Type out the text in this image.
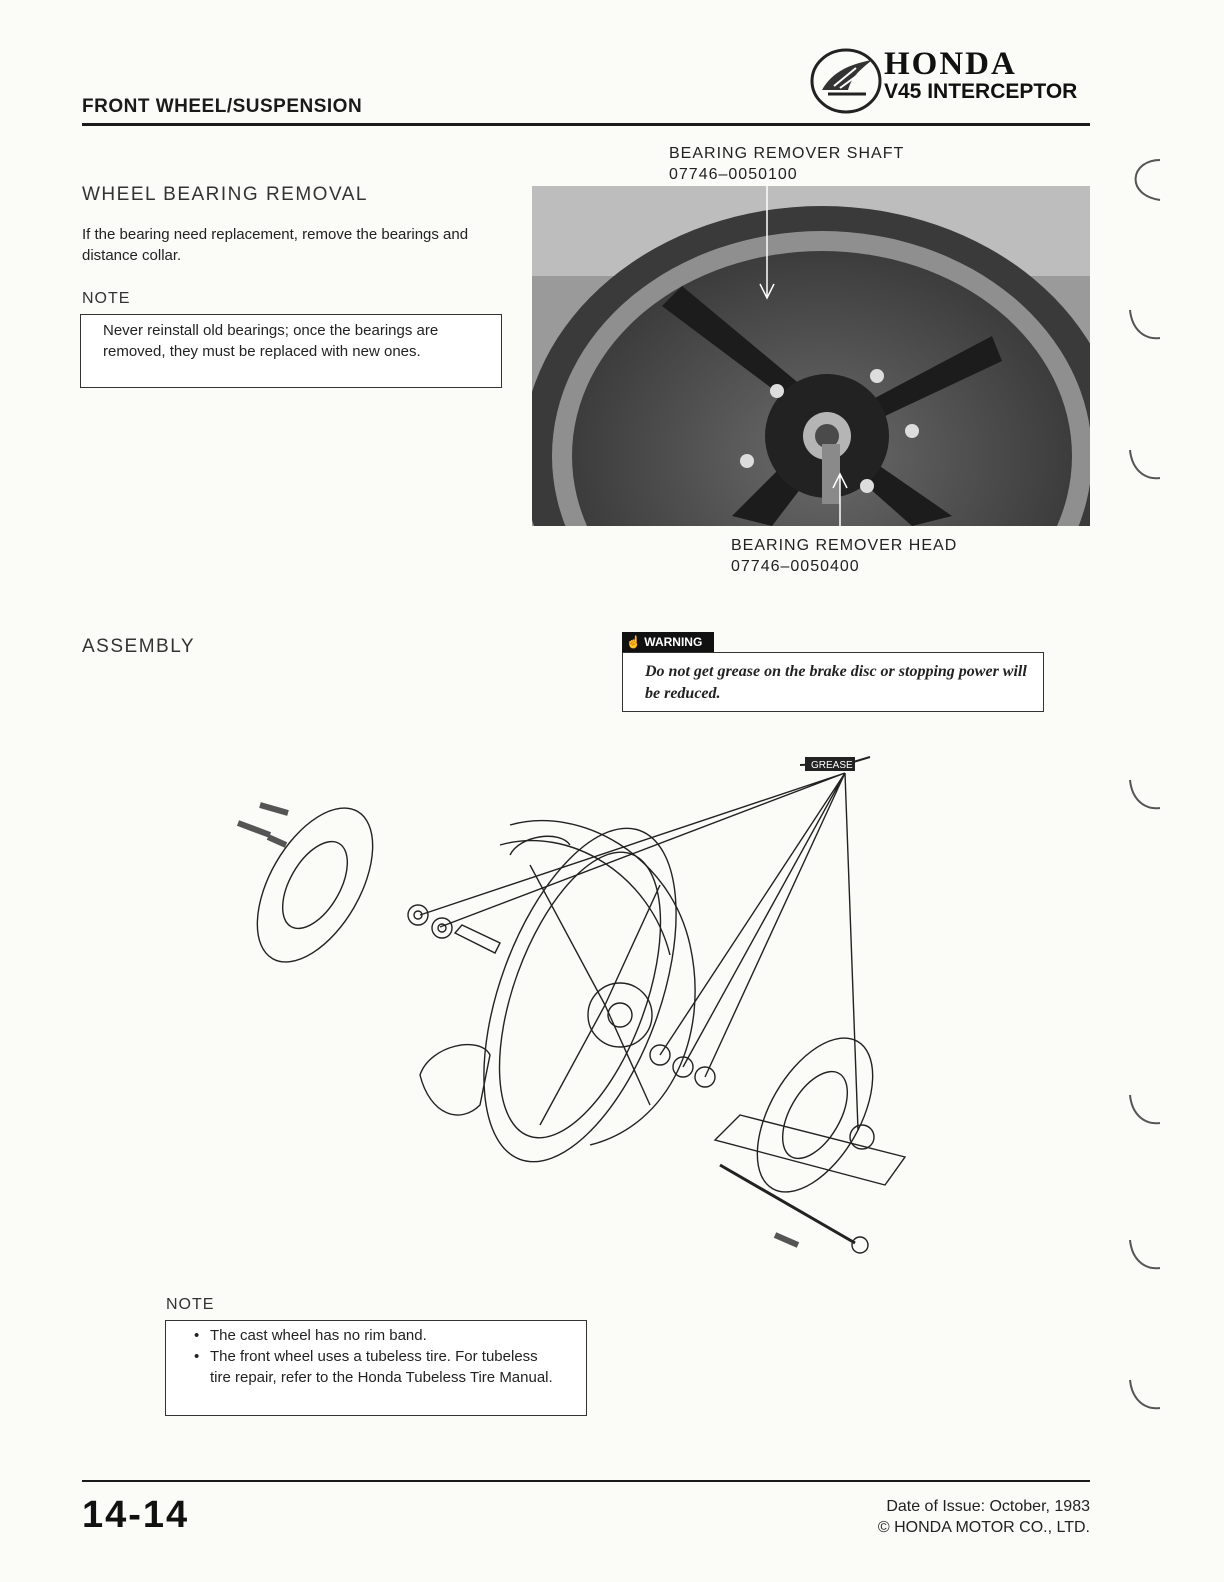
FRONT WHEEL/SUSPENSION
HONDA
V45 INTERCEPTOR
WHEEL BEARING REMOVAL
If the bearing need replacement, remove the bearings and distance collar.
NOTE
Never reinstall old bearings; once the bearings are removed, they must be replaced with new ones.
BEARING REMOVER SHAFT
07746–0050100
BEARING REMOVER HEAD
07746–0050400
ASSEMBLY	☝ WARNING
Do not get grease on the brake disc or stopping power will be reduced.
GREASE
NOTE
• The cast wheel has no rim band.
• The front wheel uses a tubeless tire. For tubeless tire repair, refer to the Honda Tubeless Tire Manual.
14-14	Date of Issue: October, 1983
© HONDA MOTOR CO., LTD.
